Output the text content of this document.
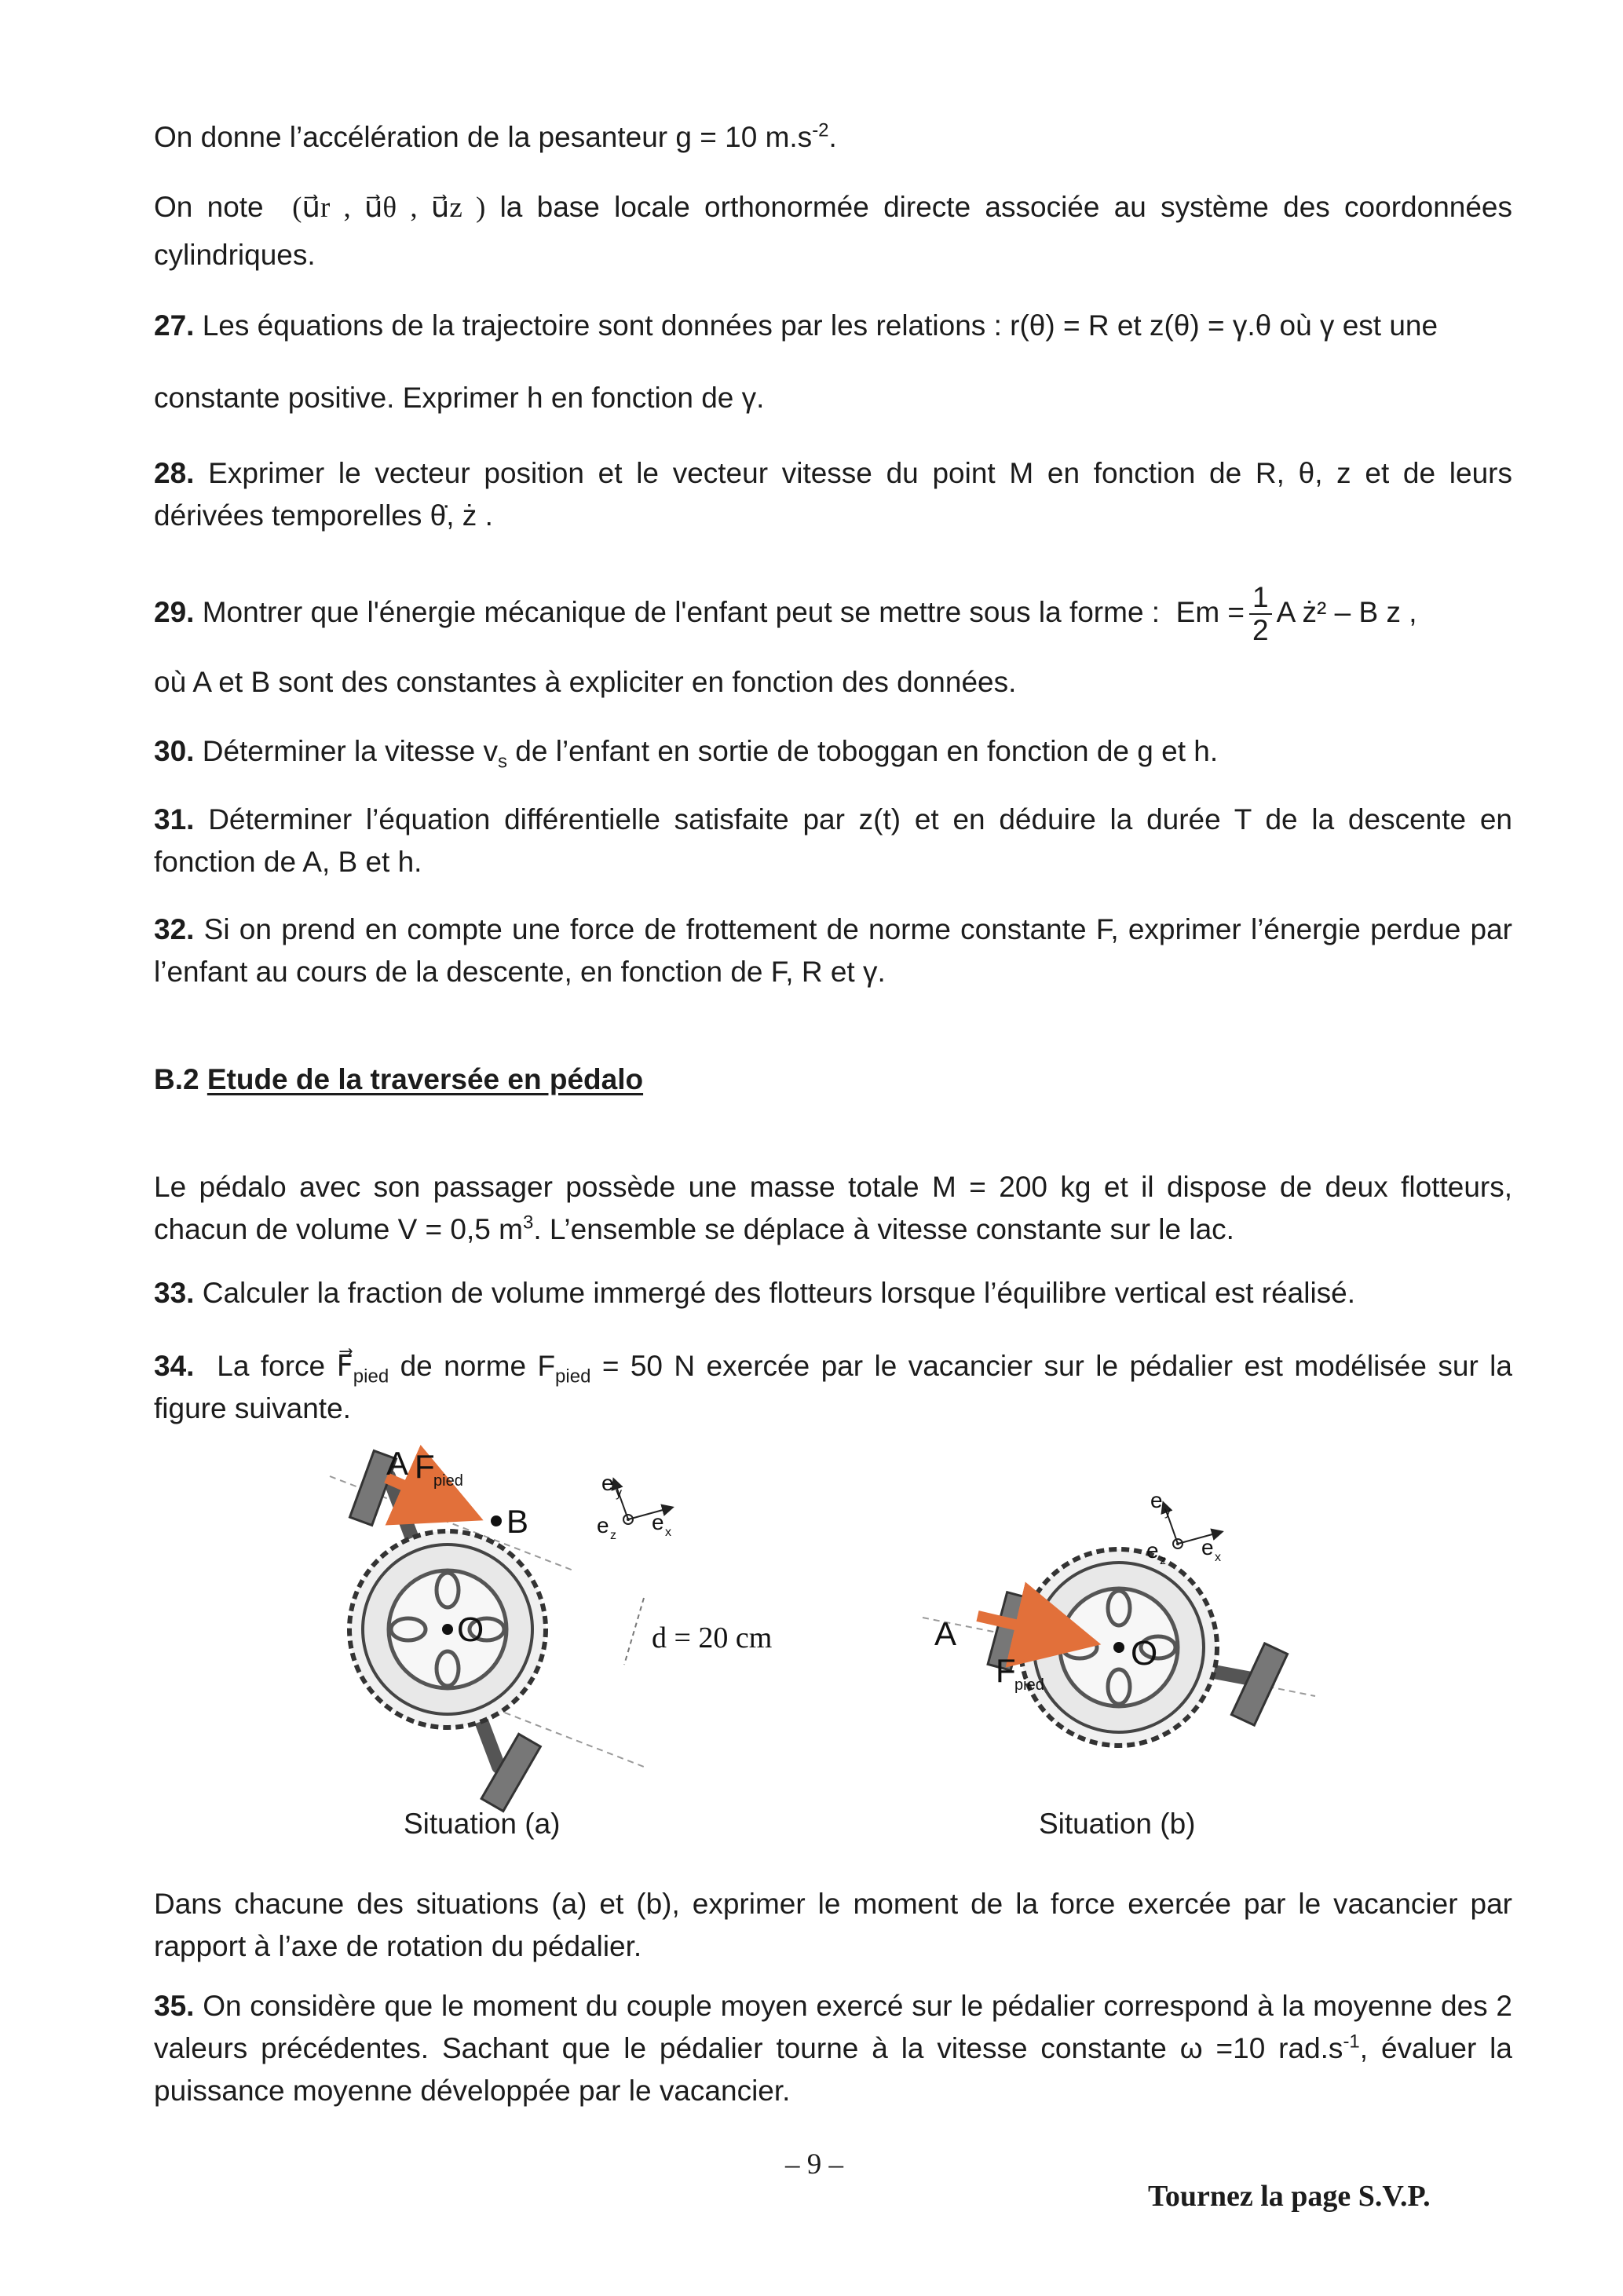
On donne l’accélération de la pesanteur g = 10 $m.s^{-2}$.

On note (u⃗r , u⃗θ , u⃗z ) la base locale orthonormée directe associée au système des coordonnées cylindriques.

27. Les équations de la trajectoire sont données par les relations : r(θ) = R et z(θ) = γ.θ où γ est une

constante positive. Exprimer h en fonction de γ.

28. Exprimer le vecteur position et le vecteur vitesse du point M en fonction de R, θ, z et de leurs dérivées temporelles θ̇, ż .

29. Montrer que l'énergie mécanique de l'enfant peut se mettre sous la forme : $Em = \frac{1}{2}$ A ż² – B z ,

où A et B sont des constantes à expliciter en fonction des données.

30. Déterminer la vitesse $v_s$ de l’enfant en sortie de toboggan en fonction de g et h.

31. Déterminer l’équation différentielle satisfaite par z(t) et en déduire la durée T de la descente en fonction de A, B et h.

32. Si on prend en compte une force de frottement de norme constante F, exprimer l’énergie perdue par l’enfant au cours de la descente, en fonction de F, R et γ.

B.2 Etude de la traversée en pédalo

Le pédalo avec son passager possède une masse totale M = 200 kg et il dispose de deux flotteurs, chacun de volume V = 0,5 $m^3$. L’ensemble se déplace à vitesse constante sur le lac.

33. Calculer la fraction de volume immergé des flotteurs lorsque l’équilibre vertical est réalisé.

34. La force $F⃗_{pied}$ de norme $F_{pied} = 50$ N exercée par le vacancier sur le pédalier est modélisée sur la figure suivante.

Situation (a)	Situation (b)

Dans chacune des situations (a) et (b), exprimer le moment de la force exercée par le vacancier par rapport à l’axe de rotation du pédalier.

35. On considère que le moment du couple moyen exercé sur le pédalier correspond à la moyenne des 2 valeurs précédentes. Sachant que le pédalier tourne à la vitesse constante ω =10 $rad.s^{-1}$, évaluer la puissance moyenne développée par le vacancier.

O
A F
pied
B
d = 20 cm
e y
e z
e x
O
A
F
pied
e y
e z
e x
– 9 –
Tournez la page S.V.P.
